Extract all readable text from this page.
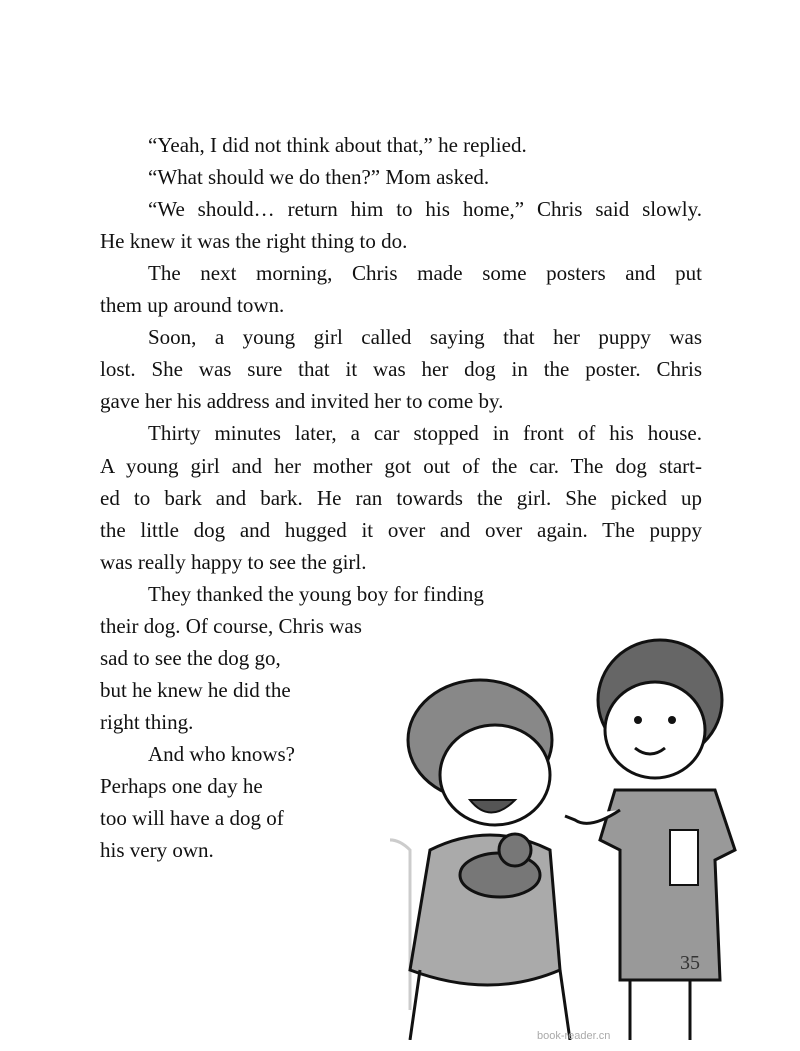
“Yeah, I did not think about that,” he replied.
“What should we do then?” Mom asked.
“We should… return him to his home,” Chris said slowly.
He knew it was the right thing to do.
The next morning, Chris made some posters and put
them up around town.
Soon, a young girl called saying that her puppy was
lost. She was sure that it was her dog in the poster. Chris
gave her his address and invited her to come by.
Thirty minutes later, a car stopped in front of his house.
A young girl and her mother got out of the car. The dog start-
ed to bark and bark. He ran towards the girl. She picked up
the little dog and hugged it over and over again. The puppy
was really happy to see the girl.
They thanked the young boy for finding
their dog. Of course, Chris was
sad to see the dog go,
but he knew he did the
right thing.
And who knows?
Perhaps one day he
too will have a dog of
his very own.
35
book-reader.cn
